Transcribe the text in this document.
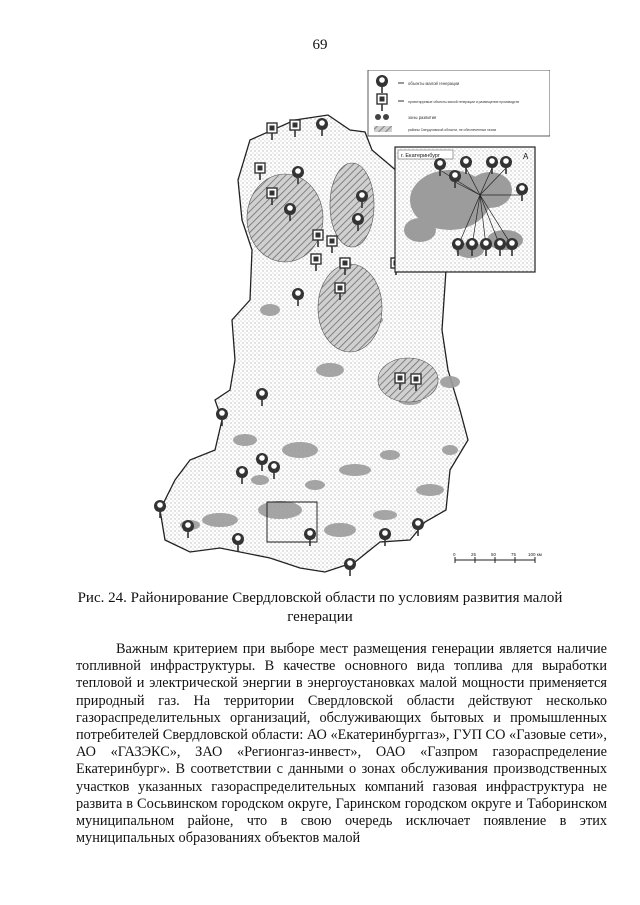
69
объекты малой генерации
проектируемые объекты малой генерации и размещение производств
зоны развития
районы Свердловской области, не обеспеченные газом
г. Екатеринбург	А
0	25	50	75	100 км
Рис. 24. Районирование Свердловской области по условиям развития малой генерации

Важным критерием при выборе мест размещения генерации является наличие топливной инфраструктуры. В качестве основного вида топлива для выработки тепловой и электрической энергии в энергоустановках малой мощности применяется природный газ. На территории Свердловской области действуют несколько газораспределительных организаций, обслуживающих бытовых и промышленных потребителей Свердловской области: АО «Екатеринбурггаз», ГУП СО «Газовые сети», АО «ГАЗЭКС», ЗАО «Регионгаз-инвест», ОАО «Газпром газораспределение Екатеринбург». В соответствии с данными о зонах обслуживания производственных участков указанных газораспределительных компаний газовая инфраструктура не развита в Сосьвинском городском округе, Гаринском городском округе и Таборинском муниципальном районе, что в свою очередь исключает появление в этих муниципальных образованиях объектов малой
